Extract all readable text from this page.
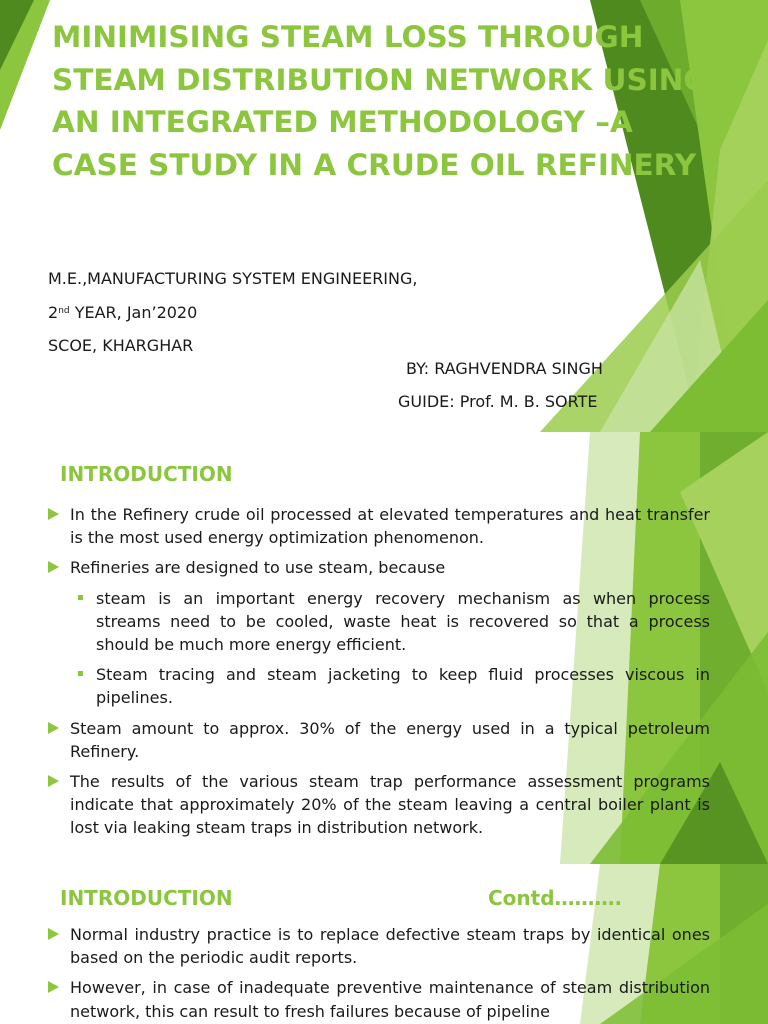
MINIMISING STEAM LOSS THROUGH STEAM DISTRIBUTION NETWORK USING AN INTEGRATED METHODOLOGY –A CASE STUDY IN A CRUDE OIL REFINERY
M.E.,MANUFACTURING SYSTEM ENGINEERING,
2nd YEAR, Jan’2020
SCOE, KHARGHAR
BY: RAGHVENDRA SINGH
GUIDE: Prof. M. B. SORTE
INTRODUCTION
In the Refinery crude oil processed at elevated temperatures and heat transfer is the most used energy optimization phenomenon.
Refineries are designed to use steam, because
steam is an important energy recovery mechanism as when process streams need to be cooled, waste heat is recovered so that a process should be much more energy efficient.
Steam tracing and steam jacketing to keep fluid processes viscous in pipelines.
Steam amount to approx. 30% of the energy used in a typical petroleum Refinery.
The results of the various steam trap performance assessment programs indicate that approximately 20% of the steam leaving a central boiler plant is lost via leaking steam traps in distribution network.
INTRODUCTION	Contd……….
Normal industry practice is to replace defective steam traps by identical ones based on the periodic audit reports.
However, in case of inadequate preventive maintenance of steam distribution network, this can result to fresh failures because of pipeline
